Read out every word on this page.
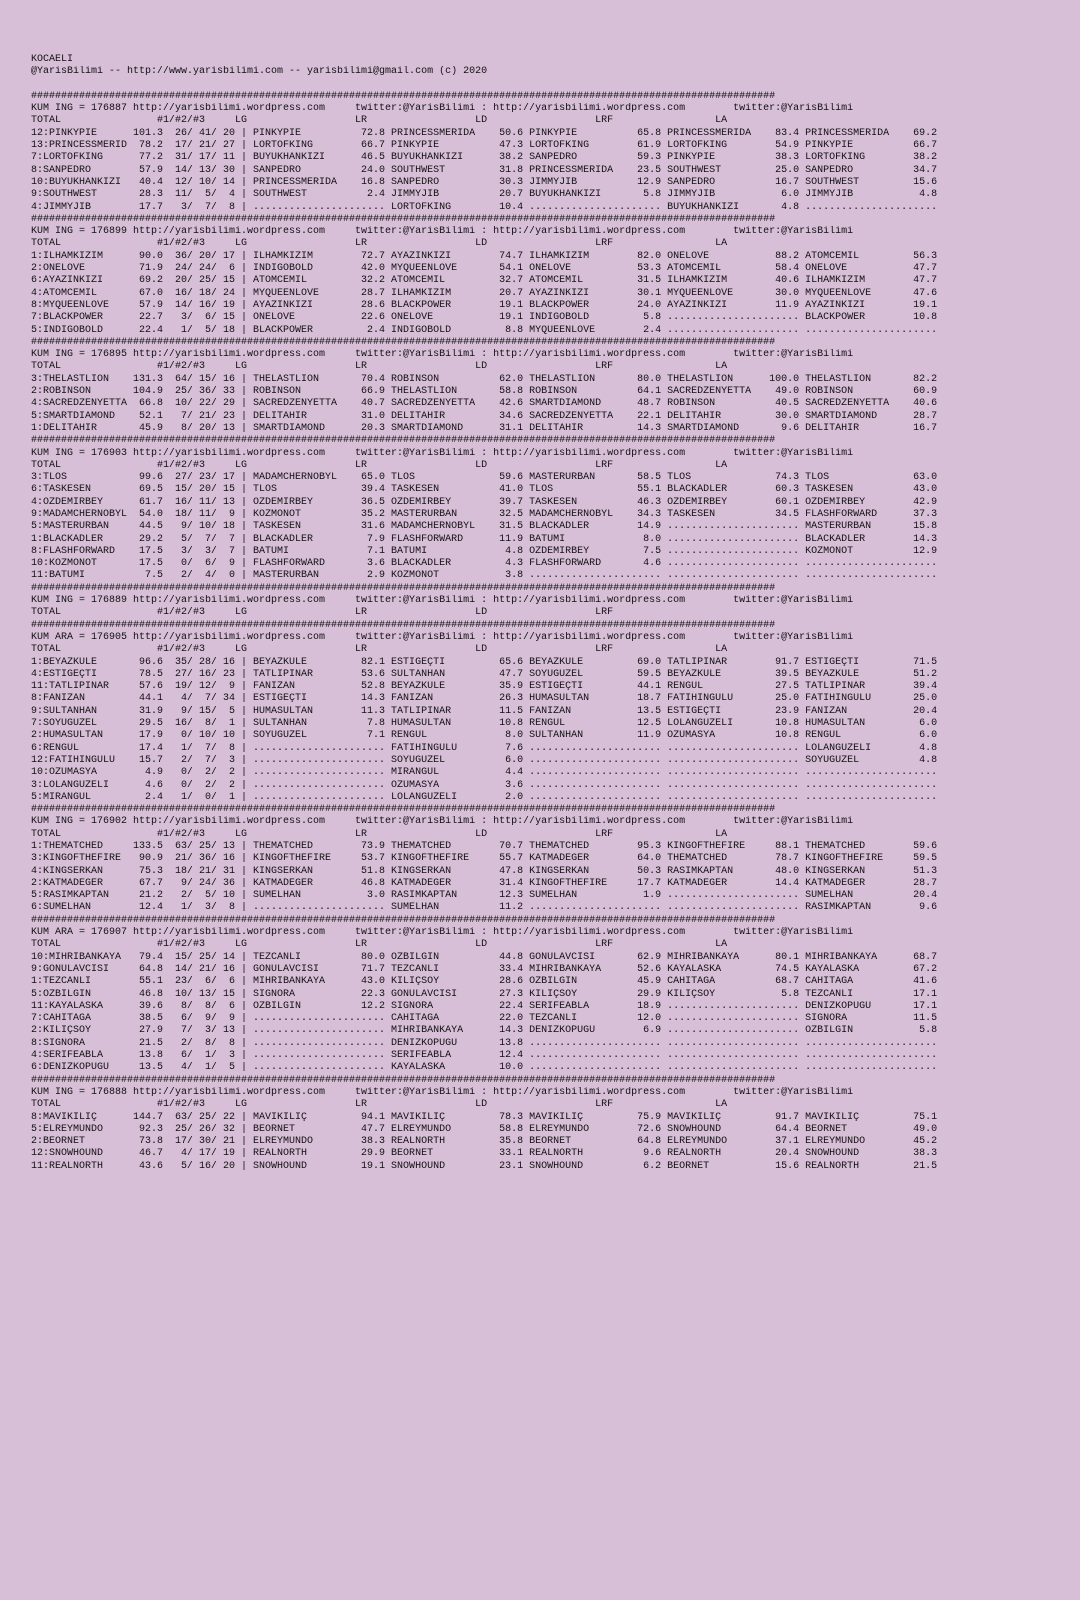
KOCAELI
@YarisBilimi -- http://www.yarisbilimi.com -- yarisbilimi@gmail.com (c) 2020
############################################################################################################################
KUM ING = 176887 http://yarisbilimi.wordpress.com     twitter:@YarisBilimi : http://yarisbilimi.wordpress.com        twitter:@YarisBilimi
TOTAL                #1/#2/#3     LG                  LR                  LD                  LRF                 LA
12:PINKYPIE      101.3  26/ 41/ 20 | PINKYPIE          72.8 PRINCESSMERIDA    50.6 PINKYPIE          65.8 PRINCESSMERIDA    83.4 PRINCESSMERIDA    69.2
13:PRINCESSMERID  78.2  17/ 21/ 27 | LORTOFKING        66.7 PINKYPIE          47.3 LORTOFKING        61.9 LORTOFKING        54.9 PINKYPIE          66.7
7:LORTOFKING      77.2  31/ 17/ 11 | BÜYÜKHANKIZI      46.5 BÜYÜKHANKIZI      38.2 SANPEDRO          59.3 PINKYPIE          38.3 LORTOFKING        38.2
8:SANPEDRO        57.9  14/ 13/ 30 | SANPEDRO          24.0 SOUTHWEST         31.8 PRINCESSMERIDA    23.5 SOUTHWEST         25.0 SANPEDRO          34.7
10:BÜYÜKHANKIZI   40.4  12/ 10/ 14 | PRINCESSMERIDA    16.8 SANPEDRO          30.3 JIMMYJIB          12.9 SANPEDRO          16.7 SOUTHWEST         15.6
9:SOUTHWEST       28.3  11/  5/  4 | SOUTHWEST          2.4 JIMMYJIB          20.7 BÜYÜKHANKIZI       5.8 JIMMYJIB           6.0 JIMMYJIB           4.8
4:JIMMYJIB        17.7   3/  7/  8 | ...................... LORTOFKING        10.4 ...................... BÜYÜKHANKIZI       4.8 ......................
############################################################################################################################
KUM ING = 176899 http://yarisbilimi.wordpress.com     twitter:@YarisBilimi : http://yarisbilimi.wordpress.com        twitter:@YarisBilimi
TOTAL                #1/#2/#3     LG                  LR                  LD                  LRF                 LA
1:ILHAMKIZIM      90.0  36/ 20/ 17 | ILHAMKIZIM        72.7 AYAZINKIZI        74.7 ILHAMKIZIM        82.0 ONELOVE           88.2 ATOMCEMIL         56.3
2:ONELOVE         71.9  24/ 24/  6 | INDIGOBOLD        42.0 MYQUEENLOVE       54.1 ONELOVE           53.3 ATOMCEMIL         58.4 ONELOVE           47.7
6:AYAZINKIZI      69.2  20/ 25/ 15 | ATOMCEMIL         32.2 ATOMCEMIL         32.7 ATOMCEMIL         31.5 ILHAMKIZIM        40.6 ILHAMKIZIM        47.7
4:ATOMCEMIL       67.0  16/ 18/ 24 | MYQUEENLOVE       28.7 ILHAMKIZIM        20.7 AYAZINKIZI        30.1 MYQUEENLOVE       30.0 MYQUEENLOVE       47.6
8:MYQUEENLOVE     57.9  14/ 16/ 19 | AYAZINKIZI        28.6 BLACKPOWER        19.1 BLACKPOWER        24.0 AYAZINKIZI        11.9 AYAZINKIZI        19.1
7:BLACKPOWER      22.7   3/  6/ 15 | ONELOVE           22.6 ONELOVE           19.1 INDIGOBOLD         5.8 ...................... BLACKPOWER        10.8
5:INDIGOBOLD      22.4   1/  5/ 18 | BLACKPOWER         2.4 INDIGOBOLD         8.8 MYQUEENLOVE        2.4 ...................... ......................
############################################################################################################################
KUM ING = 176895 http://yarisbilimi.wordpress.com     twitter:@YarisBilimi : http://yarisbilimi.wordpress.com        twitter:@YarisBilimi
TOTAL                #1/#2/#3     LG                  LR                  LD                  LRF                 LA
3:THELASTLION    131.3  64/ 15/ 16 | THELASTLION       70.4 ROBINSON          62.0 THELASTLION       80.0 THELASTLION      100.0 THELASTLION       82.2
2:ROBINSON       104.9  25/ 36/ 33 | ROBINSON          66.9 THELASTLION       58.8 ROBINSON          64.1 SACREDZENYETTA    49.0 ROBINSON          60.9
4:SACREDZENYETTA  66.8  10/ 22/ 29 | SACREDZENYETTA    40.7 SACREDZENYETTA    42.6 SMARTDIAMOND      48.7 ROBINSON          40.5 SACREDZENYETTA    40.6
5:SMARTDIAMOND    52.1   7/ 21/ 23 | DELITAHIR         31.0 DELITAHIR         34.6 SACREDZENYETTA    22.1 DELITAHIR         30.0 SMARTDIAMOND      28.7
1:DELITAHIR       45.9   8/ 20/ 13 | SMARTDIAMOND      20.3 SMARTDIAMOND      31.1 DELITAHIR         14.3 SMARTDIAMOND       9.6 DELITAHIR         16.7
############################################################################################################################
KUM ING = 176903 http://yarisbilimi.wordpress.com     twitter:@YarisBilimi : http://yarisbilimi.wordpress.com        twitter:@YarisBilimi
TOTAL                #1/#2/#3     LG                  LR                  LD                  LRF                 LA
3:TLOS            99.6  27/ 23/ 17 | MADAMCHERNOBYL    65.0 TLOS              59.6 MASTERURBAN       58.5 TLOS              74.3 TLOS              63.0
6:TASKESEN        69.5  15/ 20/ 15 | TLOS              39.4 TASKESEN          41.0 TLOS              55.1 BLACKADLER        60.3 TASKESEN          43.0
4:ÖZDEMIRBEY      61.7  16/ 11/ 13 | ÖZDEMIRBEY        36.5 ÖZDEMIRBEY        39.7 TASKESEN          46.3 ÖZDEMIRBEY        60.1 ÖZDEMIRBEY        42.9
9:MADAMCHERNOBYL  54.0  18/ 11/  9 | KOZMONOT          35.2 MASTERURBAN       32.5 MADAMCHERNOBYL    34.3 TASKESEN          34.5 FLASHFORWARD      37.3
5:MASTERURBAN     44.5   9/ 10/ 18 | TASKESEN          31.6 MADAMCHERNOBYL    31.5 BLACKADLER        14.9 ...................... MASTERURBAN       15.8
1:BLACKADLER      29.2   5/  7/  7 | BLACKADLER         7.9 FLASHFORWARD      11.9 BATUMI             8.0 ...................... BLACKADLER        14.3
8:FLASHFORWARD    17.5   3/  3/  7 | BATUMI             7.1 BATUMI             4.8 ÖZDEMIRBEY         7.5 ...................... KOZMONOT          12.9
10:KOZMONOT       17.5   0/  6/  9 | FLASHFORWARD       3.6 BLACKADLER         4.3 FLASHFORWARD       4.6 ...................... ......................
11:BATUMI          7.5   2/  4/  0 | MASTERURBAN        2.9 KOZMONOT           3.8 ...................... ...................... ......................
############################################################################################################################
KUM ING = 176889 http://yarisbilimi.wordpress.com     twitter:@YarisBilimi : http://yarisbilimi.wordpress.com        twitter:@YarisBilimi
TOTAL                #1/#2/#3     LG                  LR                  LD                  LRF
############################################################################################################################
KUM ARA = 176905 http://yarisbilimi.wordpress.com     twitter:@YarisBilimi : http://yarisbilimi.wordpress.com        twitter:@YarisBilimi
TOTAL                #1/#2/#3     LG                  LR                  LD                  LRF                 LA
1:BEYAZKULE       96.6  35/ 28/ 16 | BEYAZKULE         82.1 ESTIGEÇTI         65.6 BEYAZKULE         69.0 TATLIPINAR        91.7 ESTIGEÇTI         71.5
4:ESTIGEÇTI       78.5  27/ 16/ 23 | TATLIPINAR        53.6 SULTANHAN         47.7 SOYUGÜZEL         59.5 BEYAZKULE         39.5 BEYAZKULE         51.2
11:TATLIPINAR     57.6  19/ 12/  9 | FANIZAN           52.8 BEYAZKULE         35.9 ESTIGEÇTI         44.1 RENGÜL            27.5 TATLIPINAR        39.4
8:FANIZAN         44.1   4/  7/ 34 | ESTIGEÇTI         14.3 FANIZAN           26.3 HÜMASULTAN        18.7 FATIHINGÜLÜ       25.0 FATIHINGÜLÜ       25.0
9:SULTANHAN       31.9   9/ 15/  5 | HÜMASULTAN        11.3 TATLIPINAR        11.5 FANIZAN           13.5 ESTIGEÇTI         23.9 FANIZAN           20.4
7:SOYUGÜZEL       29.5  16/  8/  1 | SULTANHAN          7.8 HÜMASULTAN        10.8 RENGÜL            12.5 LOLANGÜZELI       10.8 HÜMASULTAN         6.0
2:HÜMASULTAN      17.9   0/ 10/ 10 | SOYUGÜZEL          7.1 RENGÜL             8.0 SULTANHAN         11.9 ÖZÜMASYA          10.8 RENGÜL             6.0
6:RENGÜL          17.4   1/  7/  8 | ...................... FATIHINGÜLÜ        7.6 ...................... ...................... LOLANGÜZELI        4.8
12:FATIHINGÜLÜ    15.7   2/  7/  3 | ...................... SOYUGÜZEL          6.0 ...................... ...................... SOYUGÜZEL          4.8
10:ÖZÜMASYA        4.9   0/  2/  2 | ...................... MIRANGÜL           4.4 ...................... ...................... ......................
3:LOLANGÜZELI      4.6   0/  2/  2 | ...................... ÖZÜMASYA           3.6 ...................... ...................... ......................
5:MIRANGÜL         2.4   1/  0/  1 | ...................... LOLANGÜZELI        2.0 ...................... ...................... ......................
############################################################################################################################
KUM ING = 176902 http://yarisbilimi.wordpress.com     twitter:@YarisBilimi : http://yarisbilimi.wordpress.com        twitter:@YarisBilimi
TOTAL                #1/#2/#3     LG                  LR                  LD                  LRF                 LA
1:THEMATCHED     133.5  63/ 25/ 13 | THEMATCHED        73.9 THEMATCHED        70.7 THEMATCHED        95.3 KINGOFTHEFIRE     88.1 THEMATCHED        59.6
3:KINGOFTHEFIRE   90.9  21/ 36/ 16 | KINGOFTHEFIRE     53.7 KINGOFTHEFIRE     55.7 KATMADEGER        64.0 THEMATCHED        78.7 KINGOFTHEFIRE     59.5
4:KINGSERKAN      75.3  18/ 21/ 31 | KINGSERKAN        51.8 KINGSERKAN        47.8 KINGSERKAN        50.3 RASIMKAPTAN       48.0 KINGSERKAN        51.3
2:KATMADEGER      67.7   9/ 24/ 36 | KATMADEGER        46.8 KATMADEGER        31.4 KINGOFTHEFIRE     17.7 KATMADEGER        14.4 KATMADEGER        28.7
5:RASIMKAPTAN     21.2   2/  5/ 10 | SUMELHAN           3.0 RASIMKAPTAN       12.3 SUMELHAN           1.9 ...................... SUMELHAN          20.4
6:SUMELHAN        12.4   1/  3/  8 | ...................... SUMELHAN          11.2 ...................... ...................... RASIMKAPTAN        9.6
############################################################################################################################
KUM ARA = 176907 http://yarisbilimi.wordpress.com     twitter:@YarisBilimi : http://yarisbilimi.wordpress.com        twitter:@YarisBilimi
TOTAL                #1/#2/#3     LG                  LR                  LD                  LRF                 LA
10:MIHRIBANKAYA   79.4  15/ 25/ 14 | TEZCANLI          80.0 ÖZBILGIN          44.8 GÖNÜLAVCISI       62.9 MIHRIBANKAYA      80.1 MIHRIBANKAYA      68.7
9:GÖNÜLAVCISI     64.8  14/ 21/ 16 | GÖNÜLAVCISI       71.7 TEZCANLI          33.4 MIHRIBANKAYA      52.6 KAYALASKA         74.5 KAYALASKA         67.2
1:TEZCANLI        55.1  23/  6/  6 | MIHRIBANKAYA      43.0 KILIÇSOY          28.6 ÖZBILGIN          45.9 CAHITAGA          68.7 CAHITAGA          41.6
5:ÖZBILGIN        46.8  10/ 13/ 15 | SIGNORA           22.3 GÖNÜLAVCISI       27.3 KILIÇSOY          29.9 KILIÇSOY           5.8 TEZCANLI          17.1
11:KAYALASKA      39.6   8/  8/  6 | ÖZBILGIN          12.2 SIGNORA           22.4 SERIFEABLA        18.9 ...................... DENIZKÖPÜGÜ       17.1
7:CAHITAGA        38.5   6/  9/  9 | ...................... CAHITAGA          22.0 TEZCANLI          12.0 ...................... SIGNORA           11.5
2:KILIÇSOY        27.9   7/  3/ 13 | ...................... MIHRIBANKAYA      14.3 DENIZKÖPÜGÜ        6.9 ...................... ÖZBILGIN           5.8
8:SIGNORA         21.5   2/  8/  8 | ...................... DENIZKÖPÜGÜ       13.8 ...................... ...................... ......................
4:SERIFEABLA      13.8   6/  1/  3 | ...................... SERIFEABLA        12.4 ...................... ...................... ......................
6:DENIZKÖPÜGÜ     13.5   4/  1/  5 | ...................... KAYALASKA         10.0 ...................... ...................... ......................
############################################################################################################################
KUM ING = 176888 http://yarisbilimi.wordpress.com     twitter:@YarisBilimi : http://yarisbilimi.wordpress.com        twitter:@YarisBilimi
TOTAL                #1/#2/#3     LG                  LR                  LD                  LRF                 LA
8:MAVIKILIÇ      144.7  63/ 25/ 22 | MAVIKILIÇ         94.1 MAVIKILIÇ         78.3 MAVIKILIÇ         75.9 MAVIKILIÇ         91.7 MAVIKILIÇ         75.1
5:ELREYMUNDO      92.3  25/ 26/ 32 | BEORNET           47.7 ELREYMUNDO        58.8 ELREYMUNDO        72.6 SNOWHOUND         64.4 BEORNET           49.0
2:BEORNET         73.8  17/ 30/ 21 | ELREYMUNDO        38.3 REALNORTH         35.8 BEORNET           64.8 ELREYMUNDO        37.1 ELREYMUNDO        45.2
12:SNOWHOUND      46.7   4/ 17/ 19 | REALNORTH         29.9 BEORNET           33.1 REALNORTH          9.6 REALNORTH         20.4 SNOWHOUND         38.3
11:REALNORTH      43.6   5/ 16/ 20 | SNOWHOUND         19.1 SNOWHOUND         23.1 SNOWHOUND          6.2 BEORNET           15.6 REALNORTH         21.5
